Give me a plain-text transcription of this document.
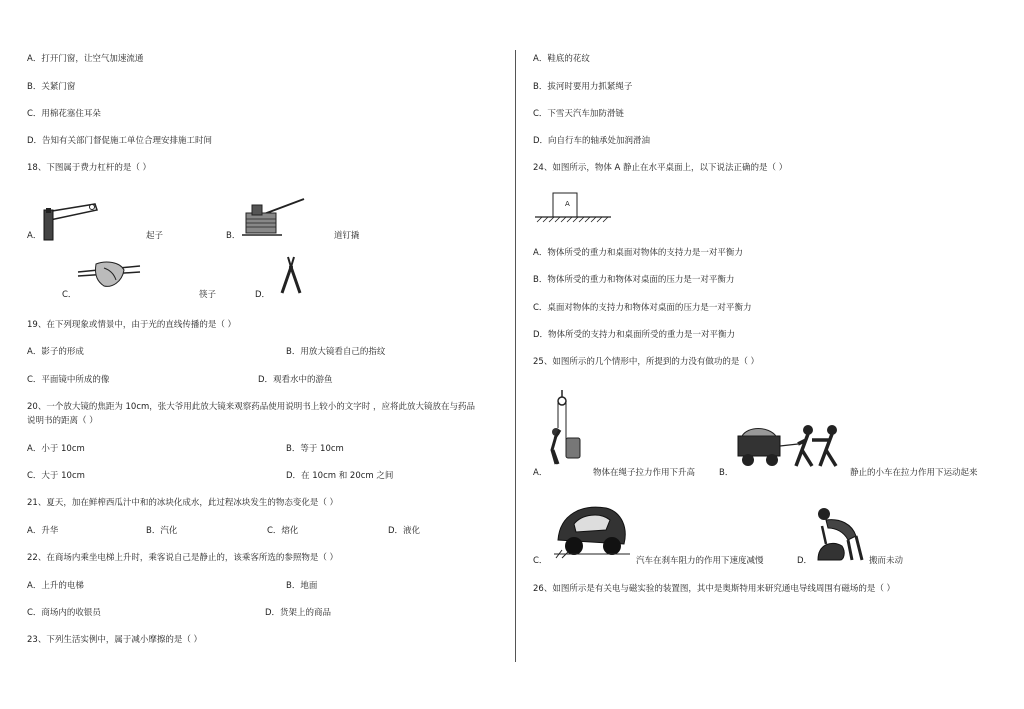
A．打开门窗，让空气加速流通
B．关紧门窗
C．用棉花塞住耳朵
D．告知有关部门督促施工单位合理安排施工时间
18、下图属于费力杠杆的是（ ）
A．	起子	B．	道钉撬
C．	筷子	D．
19、在下列现象或情景中，由于光的直线传播的是（ ）
A．影子的形成	B．用放大镜看自己的指纹
C．平面镜中所成的像	D．观看水中的游鱼
20、一个放大镜的焦距为 10cm，张大爷用此放大镜来观察药品使用说明书上较小的文字时 ，应将此放大镜放在与药品
说明书的距离（ ）
A．小于 10cm	B．等于 10cm
C．大于 10cm	D．在 10cm 和 20cm 之间
21、夏天，加在鲜榨西瓜汁中和的冰块化成水，此过程冰块发生的物态变化是（ ）
A．升华	B．汽化	C．熔化	D．液化
22、在商场内乘坐电梯上升时，乘客说自己是静止的，该乘客所选的参照物是（ ）
A．上升的电梯	B．地面
C．商场内的收银员	D．货架上的商品
23、下列生活实例中，属于减小摩擦的是（ ）
A．鞋底的花纹
B．拔河时要用力抓紧绳子
C．下雪天汽车加防滑链
D．向自行车的轴承处加润滑油
24、如图所示，物体 A 静止在水平桌面上，以下说法正确的是（ ）
A
A．物体所受的重力和桌面对物体的支持力是一对平衡力
B．物体所受的重力和物体对桌面的压力是一对平衡力
C．桌面对物体的支持力和物体对桌面的压力是一对平衡力
D．物体所受的支持力和桌面所受的重力是一对平衡力
25、如图所示的几个情形中，所提到的力没有做功的是（ ）
A．	物体在绳子拉力作用下升高	B．	静止的小车在拉力作用下运动起来
C．	汽车在刹车阻力的作用下速度减慢	D．	搬而未动
26、如图所示是有关电与磁实验的装置图，其中是奥斯特用来研究通电导线周围有磁场的是（ ）
